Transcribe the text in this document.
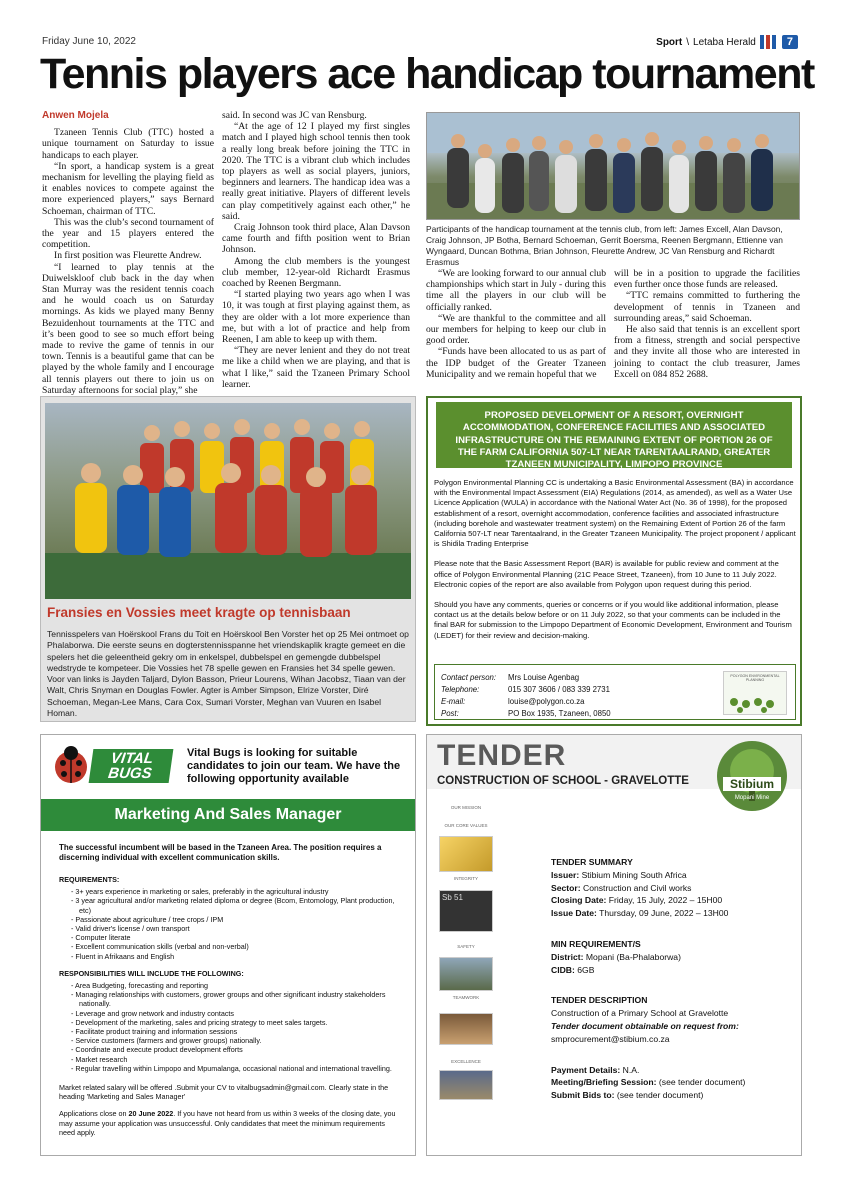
Friday June 10, 2022	Sport \ Letaba Herald	7
Tennis players ace handicap tournament

Anwen Mojela

Tzaneen Tennis Club (TTC) hosted a unique tournament on Saturday to issue handicaps to each player.

“In sport, a handicap system is a great mechanism for levelling the playing field as it enables novices to compete against the more experienced players,” says Bernard Schoeman, chairman of TTC.

This was the club’s second tournament of the year and 15 players entered the competition.

In first position was Fleurette Andrew.

“I learned to play tennis at the Duiwelskloof club back in the day when Stan Murray was the resident tennis coach and he would coach us on Saturday mornings. As kids we played many Benny Bezuidenhout tournaments at the TTC and it’s been good to see so much effort being made to revive the game of tennis in our town. Tennis is a beautiful game that can be played by the whole family and I encourage all tennis players out there to join us on Saturday afternoons for social play,” she

said. In second was JC van Rensburg.

“At the age of 12 I played my first singles match and I played high school tennis then took a really long break before joining the TTC in 2020. The TTC is a vibrant club which includes top players as well as social players, juniors, beginners and learners. The handicap idea was a really great initiative. Players of different levels can play competitively against each other,” he said.

Craig Johnson took third place, Alan Davson came fourth and fifth position went to Brian Johnson.

Among the club members is the youngest club member, 12-year-old Richardt Erasmus coached by Reenen Bergmann.

“I started playing two years ago when I was 10, it was tough at first playing against them, as they are older with a lot more experience than me, but with a lot of practice and help from Reenen, I am able to keep up with them.

“They are never lenient and they do not treat me like a child when we are playing, and that is what I like,” said the Tzaneen Primary School learner.

Participants of the handicap tournament at the tennis club, from left: James Excell, Alan Davson, Craig Johnson, JP Botha, Bernard Schoeman, Gerrit Boersma, Reenen Bergmann, Ettienne van Wyngaard, Duncan Bothma, Brian Johnson, Fleurette Andrew, JC Van Rensburg and Richardt Erasmus

“We are looking forward to our annual club championships which start in July - during this time all the players in our club will be officially ranked.

“We are thankful to the committee and all our members for helping to keep our club in good order.

“Funds have been allocated to us as part of the IDP budget of the Greater Tzaneen Municipality and we remain hopeful that we

will be in a position to upgrade the facilities even further once those funds are released.

“TTC remains committed to furthering the development of tennis in Tzaneen and surrounding areas,” said Schoeman.

He also said that tennis is an excellent sport from a fitness, strength and social perspective and they invite all those who are interested in joining to contact the club treasurer, James Excell on 084 852 2688.

Fransies en Vossies meet kragte op tennisbaan
Tennisspelers van Hoërskool Frans du Toit en Hoërskool Ben Vorster het op 25 Mei ontmoet op Phalaborwa. Die eerste seuns en dogterstennisspanne het vriendskaplik kragte gemeet en die spelers het die geleentheid gekry om in enkelspel, dubbelspel en gemengde dubbelspel wedstryde te kompeteer. Die Vossies het 78 spelle gewen en Fransies het 34 spelle gewen. Voor van links is Jayden Taljard, Dylon Basson, Prieur Lourens, Wihan Jacobsz, Tiaan van der Walt, Chris Snyman en Douglas Fowler. Agter is Amber Simpson, Elrize Vorster, Diré Schoeman, Megan-Lee Mans, Cara Cox, Sumari Vorster, Meghan van Vuuren en Isabel Homan.
PROPOSED DEVELOPMENT OF A RESORT, OVERNIGHT ACCOMMODATION, CONFERENCE FACILITIES AND ASSOCIATED INFRASTRUCTURE ON THE REMAINING EXTENT OF PORTION 26 OF THE FARM CALIFORNIA 507-LT NEAR TARENTAALRAND, GREATER TZANEEN MUNICIPALITY, LIMPOPO PROVINCE

Polygon Environmental Planning CC is undertaking a Basic Environmental Assessment (BA) in accordance with the Environmental Impact Assessment (EIA) Regulations (2014, as amended), as well as a Water Use Licence Application (WULA) in accordance with the National Water Act (No. 36 of 1998), for the proposed establishment of a resort, overnight accommodation, conference facilities and associated infrastructure (including borehole and wastewater treatment system) on the Remaining Extent of Portion 26 of the farm California 507-LT near Tarentaalrand, in the Greater Tzaneen Municipality. The project proponent / applicant is Shidila Trading Enterprise

Please note that the Basic Assessment Report (BAR) is available for public review and comment at the office of Polygon Environmental Planning (21C Peace Street, Tzaneen), from 10 June to 11 July 2022. Electronic copies of the report are also available from Polygon upon request during this period.

Should you have any comments, queries or concerns or if you would like additional information, please contact us at the details below before or on 11 July 2022, so that your comments can be included in the final BAR for submission to the Limpopo Department of Economic Development, Environment and Tourism (LEDET) for their review and decision-making.

Contact person:	Mrs Louise Agenbag
Telephone:	015 307 3606 / 083 339 2731
E-mail:	louise@polygon.co.za
Post:	PO Box 1935, Tzaneen, 0850
POLYGON ENVIRONMENTAL PLANNING
VITAL BUGS
Vital Bugs is looking for suitable candidates to join our team. We have the following opportunity available
Marketing And Sales Manager

The successful incumbent will be based in the Tzaneen Area. The position requires a discerning individual with excellent communication skills.

REQUIREMENTS:

- 3+ years experience in marketing or sales, preferably in the agricultural industry
- 3 year agricultural and/or marketing related diploma or degree (Bcom, Entomology, Plant production, etc)
- Passionate about agriculture / tree crops / IPM
- Valid driver's license / own transport
- Computer literate
- Excellent communication skills (verbal and non-verbal)
- Fluent in Afrikaans and English

RESPONSIBILITIES WILL INCLUDE THE FOLLOWING:

- Area Budgeting, forecasting and reporting
- Managing relationships with customers, grower groups and other significant industry stakeholders nationally.
- Leverage and grow network and industry contacts
- Development of the marketing, sales and pricing strategy to meet sales targets.
- Facilitate product training and information sessions
- Service customers (farmers and grower groups) nationally.
- Coordinate and execute product development efforts
- Market research
- Regular travelling within Limpopo and Mpumalanga, occasional national and international travelling.

Market related salary will be offered .Submit your CV to vitalbugsadmin@gmail.com. Clearly state in the heading 'Marketing and Sales Manager'

Applications close on 20 June 2022. If you have not heard from us within 3 weeks of the closing date, you may assume your application was unsuccessful. Only candidates that meet the minimum requirements need apply.

TENDER
CONSTRUCTION OF SCHOOL - GRAVELOTTE	Stibium
Mopani Mine
OUR MISSION
OUR CORE VALUES
INTEGRITY
Sb 51
SAFETY
TEAMWORK
EXCELLENCE
TENDER SUMMARY
Issuer: Stibium Mining South Africa
Sector: Construction and Civil works
Closing Date: Friday, 15 July, 2022 – 15H00
Issue Date: Thursday, 09 June, 2022 – 13H00
MIN REQUIREMENT/S
District: Mopani (Ba-Phalaborwa)
CIDB: 6GB
TENDER DESCRIPTION
Construction of a Primary School at Gravelotte
Tender document obtainable on request from:
smprocurement@stibium.co.za
Payment Details: N.A.
Meeting/Briefing Session: (see tender document)
Submit Bids to: (see tender document)
